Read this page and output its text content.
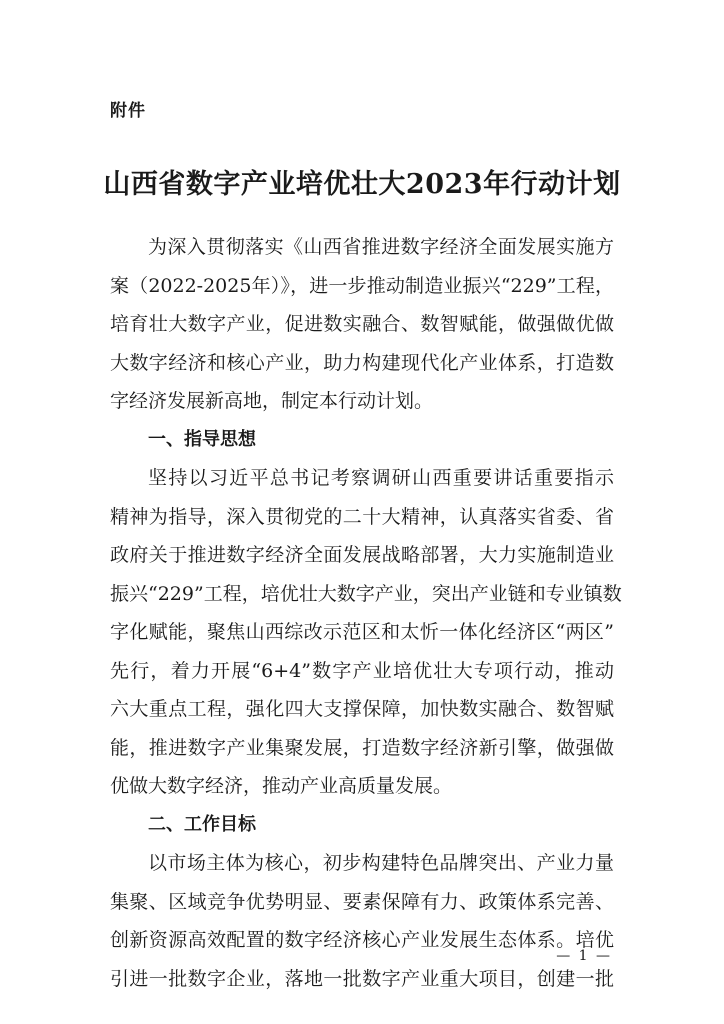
附件
山西省数字产业培优壮大2023年行动计划
为深入贯彻落实《山西省推进数字经济全面发展实施方
案（2022-2025年）》，进一步推动制造业振兴“229”工程，
培育壮大数字产业，促进数实融合、数智赋能，做强做优做
大数字经济和核心产业，助力构建现代化产业体系，打造数
字经济发展新高地，制定本行动计划。
一、指导思想
坚持以习近平总书记考察调研山西重要讲话重要指示
精神为指导，深入贯彻党的二十大精神，认真落实省委、省
政府关于推进数字经济全面发展战略部署，大力实施制造业
振兴“229”工程，培优壮大数字产业，突出产业链和专业镇数
字化赋能，聚焦山西综改示范区和太忻一体化经济区“两区”
先行，着力开展“6+4”数字产业培优壮大专项行动，推动
六大重点工程，强化四大支撑保障，加快数实融合、数智赋
能，推进数字产业集聚发展，打造数字经济新引擎，做强做
优做大数字经济，推动产业高质量发展。
二、工作目标
以市场主体为核心，初步构建特色品牌突出、产业力量
集聚、区域竞争优势明显、要素保障有力、政策体系完善、
创新资源高效配置的数字经济核心产业发展生态体系。培优
引进一批数字企业，落地一批数字产业重大项目，创建一批
— 1 —
